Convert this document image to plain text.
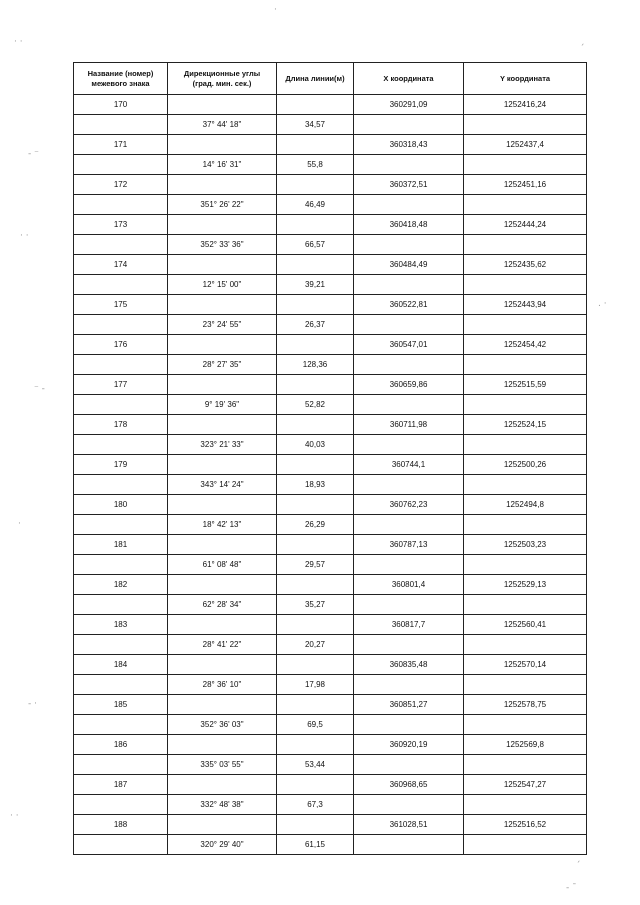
·
· ·
ˊ
- ⁻
· ·
. ·
⁻ -
·
- ·
· ·
ˊ
- ˉ
Название (номер)
межевого знака	Дирекционные углы
(град. мин. сек.)	Длина линии(м)	X координата	Y координата
170			360291,09	1252416,24
	37° 44' 18"	34,57		
171			360318,43	1252437,4
	14° 16' 31"	55,8		
172			360372,51	1252451,16
	351° 26' 22"	46,49		
173			360418,48	1252444,24
	352° 33' 36"	66,57		
174			360484,49	1252435,62
	12° 15' 00"	39,21		
175			360522,81	1252443,94
	23° 24' 55"	26,37		
176			360547,01	1252454,42
	28° 27' 35"	128,36		
177			360659,86	1252515,59
	9° 19' 36"	52,82		
178			360711,98	1252524,15
	323° 21' 33"	40,03		
179			360744,1	1252500,26
	343° 14' 24"	18,93		
180			360762,23	1252494,8
	18° 42' 13"	26,29		
181			360787,13	1252503,23
	61° 08' 48"	29,57		
182			360801,4	1252529,13
	62° 28' 34"	35,27		
183			360817,7	1252560,41
	28° 41' 22"	20,27		
184			360835,48	1252570,14
	28° 36' 10"	17,98		
185			360851,27	1252578,75
	352° 36' 03"	69,5		
186			360920,19	1252569,8
	335° 03' 55"	53,44		
187			360968,65	1252547,27
	332° 48' 38"	67,3		
188			361028,51	1252516,52
	320° 29' 40"	61,15		
